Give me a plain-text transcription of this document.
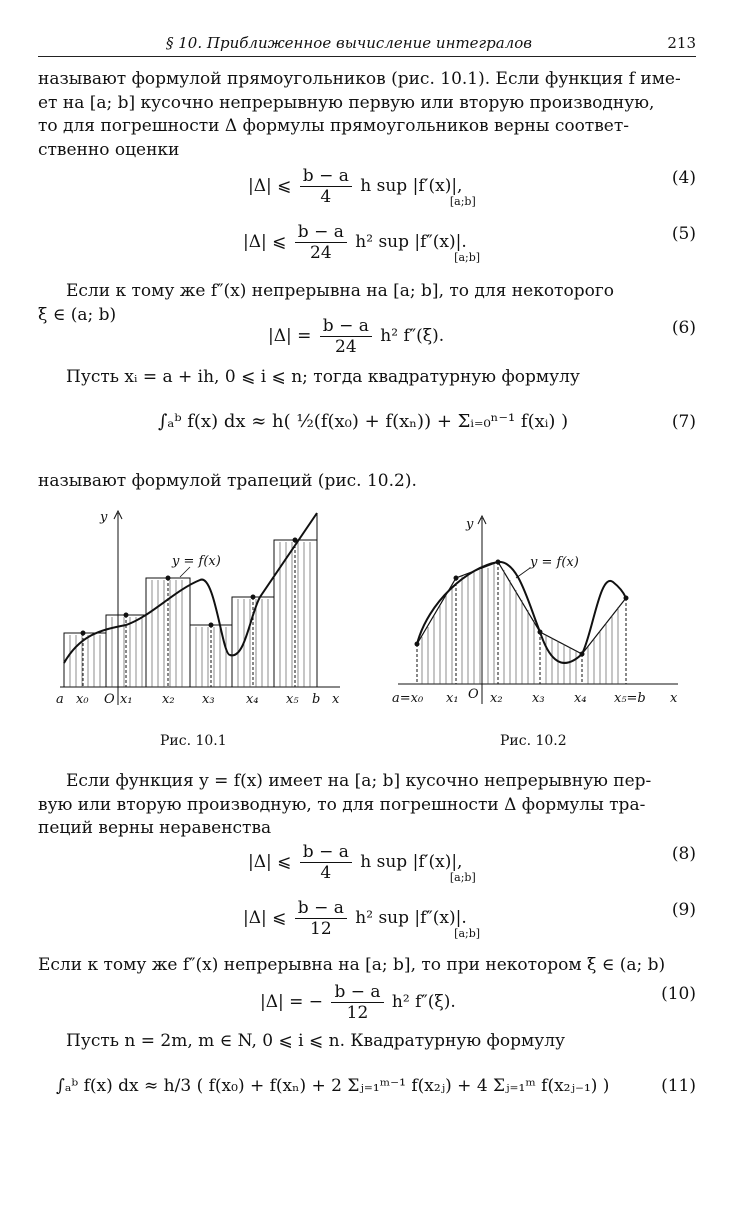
§ 10. Приближенное вычисление интегралов	213

называют формулой прямоугольников (рис. 10.1). Если функция f име-

ет на [a; b] кусочно непрерывную первую или вторую производную,

то для погрешности Δ формулы прямоугольников верны соответ-

ственно оценки

|Δ| ⩽ $\frac{b - a}{4}$ h sup |f′(x)|, $_{[a;b]}$
(4)
|Δ| ⩽ $\frac{b - a}{24} h^2$ sup |f″(x)|. $_{[a;b]}$
(5)

Если к тому же f″(x) непрерывна на [a; b], то для некоторого

ξ ∈ (a; b)

$|\Delta| = \frac{b - a}{24} h^2$ f″(ξ).	(6)

Пусть xᵢ = a + ih, 0 ⩽ i ⩽ n; тогда квадратурную формулу

∫ₐᵇ f(x) dx ≈ h( ½(f(x₀) + f(xₙ)) + Σᵢ₌₀ⁿ⁻¹ f(xᵢ) )	(7)

называют формулой трапеций (рис. 10.2).

y
y = f(x)
x
a x₀ O x₁ x₂ x₃ x₄ x₅ b
Рис. 10.1
y
y = f(x)
x
a=x₀ x₁ O x₂ x₃ x₄ x₅=b
Рис. 10.2

Если функция y = f(x) имеет на [a; b] кусочно непрерывную пер-

вую или вторую производную, то для погрешности Δ формулы тра-

пеций верны неравенства

|Δ| ⩽ $\frac{b - a}{4}$ h sup |f′(x)|, $_{[a;b]}$
(8)
|Δ| ⩽ $\frac{b - a}{12} h^2$ sup |f″(x)|. $_{[a;b]}$
(9)

Если к тому же f″(x) непрерывна на [a; b], то при некотором ξ ∈ (a; b)

|Δ| = − $\frac{b - a}{12} h^2$ f″(ξ).	(10)

Пусть n = 2m, m ∈ N, 0 ⩽ i ⩽ n. Квадратурную формулу

∫ₐᵇ f(x) dx ≈ h/3 ( f(x₀) + f(xₙ) + 2 Σⱼ₌₁ᵐ⁻¹ f(x₂ⱼ) + 4 Σⱼ₌₁ᵐ f(x₂ⱼ₋₁) )	(11)
